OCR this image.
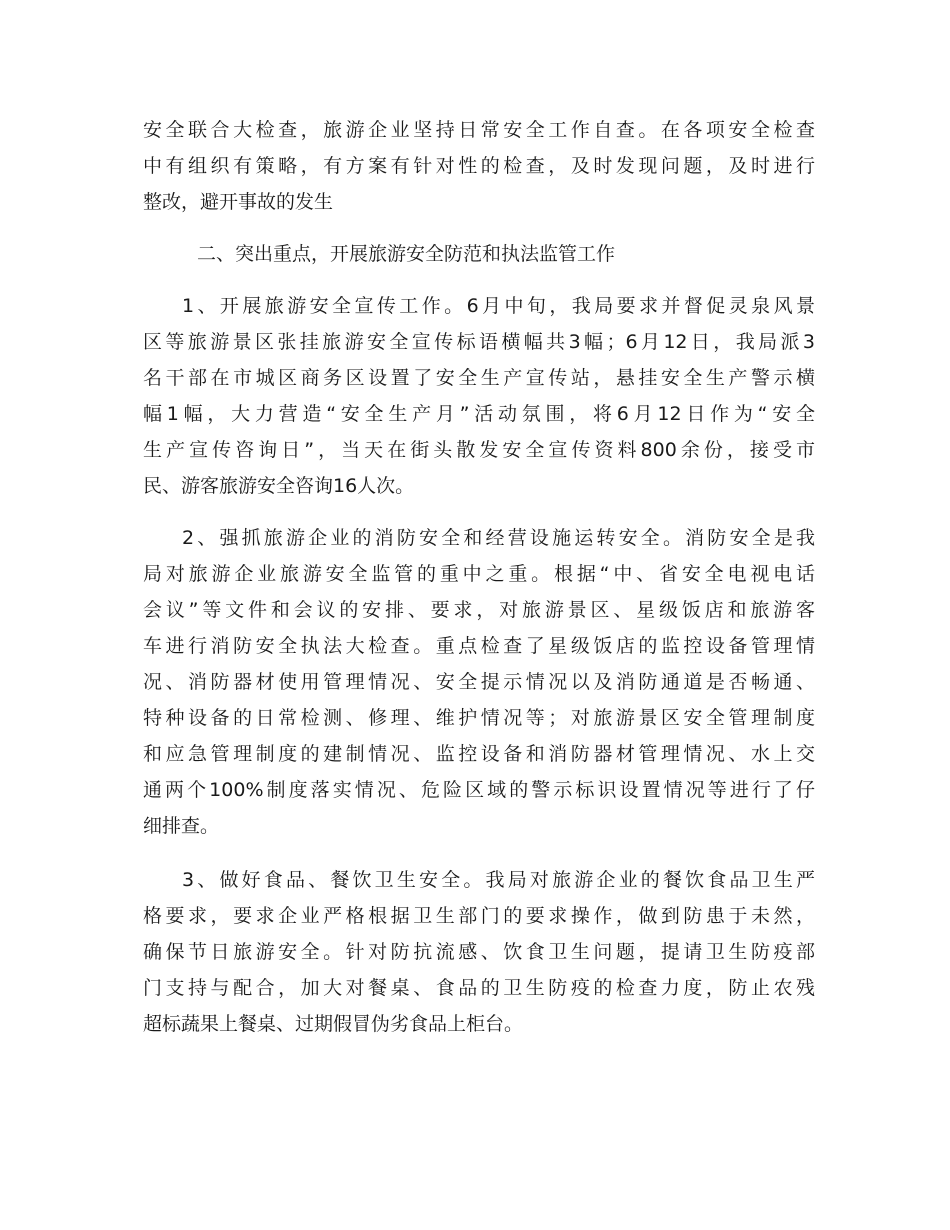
安全联合大检查，旅游企业坚持日常安全工作自查。在各项安全检查
中有组织有策略，有方案有针对性的检查，及时发现问题，及时进行
整改，避开事故的发生
二、突出重点，开展旅游安全防范和执法监管工作
1、开展旅游安全宣传工作。6月中旬，我局要求并督促灵泉风景
区等旅游景区张挂旅游安全宣传标语横幅共3幅；6月12日，我局派3
名干部在市城区商务区设置了安全生产宣传站，悬挂安全生产警示横
幅1幅，大力营造“安全生产月”活动氛围，将6月12日作为“安全
生产宣传咨询日”，当天在街头散发安全宣传资料800余份，接受市
民、游客旅游安全咨询16人次。
2、强抓旅游企业的消防安全和经营设施运转安全。消防安全是我
局对旅游企业旅游安全监管的重中之重。根据“中、省安全电视电话
会议”等文件和会议的安排、要求，对旅游景区、星级饭店和旅游客
车进行消防安全执法大检查。重点检查了星级饭店的监控设备管理情
况、消防器材使用管理情况、安全提示情况以及消防通道是否畅通、
特种设备的日常检测、修理、维护情况等；对旅游景区安全管理制度
和应急管理制度的建制情况、监控设备和消防器材管理情况、水上交
通两个100%制度落实情况、危险区域的警示标识设置情况等进行了仔
细排查。
3、做好食品、餐饮卫生安全。我局对旅游企业的餐饮食品卫生严
格要求，要求企业严格根据卫生部门的要求操作，做到防患于未然，
确保节日旅游安全。针对防抗流感、饮食卫生问题，提请卫生防疫部
门支持与配合，加大对餐桌、食品的卫生防疫的检查力度，防止农残
超标蔬果上餐桌、过期假冒伪劣食品上柜台。
